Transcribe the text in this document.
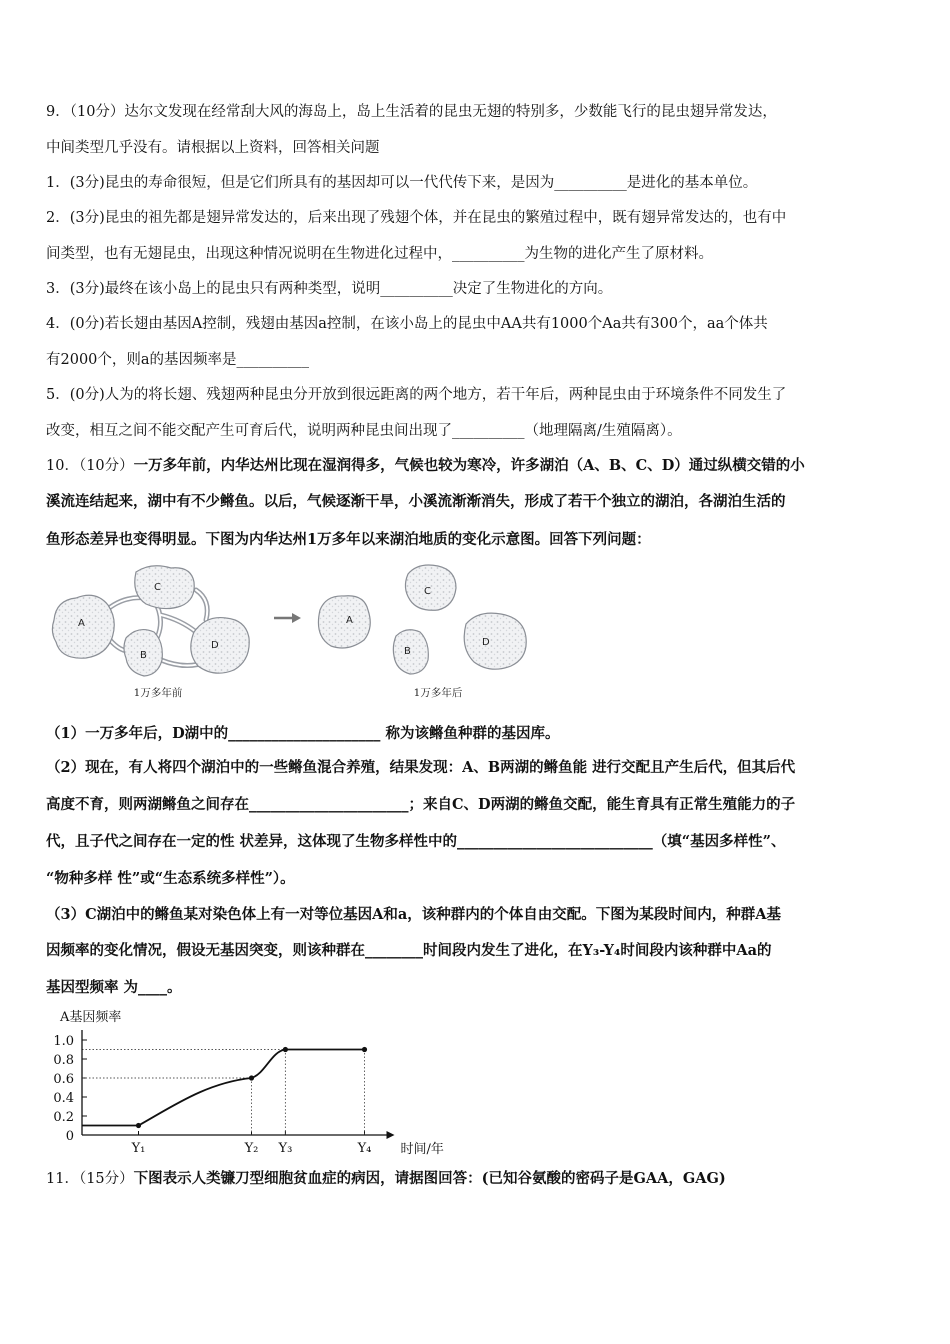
9．（10分）达尔文发现在经常刮大风的海岛上，岛上生活着的昆虫无翅的特别多，少数能飞行的昆虫翅异常发达，
中间类型几乎没有。请根据以上资料，回答相关问题
1．(3分)昆虫的寿命很短，但是它们所具有的基因却可以一代代传下来，是因为__________是进化的基本单位。
2．(3分)昆虫的祖先都是翅异常发达的，后来出现了残翅个体，并在昆虫的繁殖过程中，既有翅异常发达的，也有中
间类型，也有无翅昆虫，出现这种情况说明在生物进化过程中，__________为生物的进化产生了原材料。
3．(3分)最终在该小岛上的昆虫只有两种类型，说明__________决定了生物进化的方向。
4．(0分)若长翅由基因A控制，残翅由基因a控制，在该小岛上的昆虫中AA共有1000个Aa共有300个，aa个体共
有2000个，则a的基因频率是__________
5．(0分)人为的将长翅、残翅两种昆虫分开放到很远距离的两个地方，若干年后，两种昆虫由于环境条件不同发生了
改变，相互之间不能交配产生可育后代，说明两种昆虫间出现了__________（地理隔离/生殖隔离）。
10．（10分）一万多年前，内华达州比现在湿润得多，气候也较为寒冷，许多湖泊（A、B、C、D）通过纵横交错的小
溪流连结起来，湖中有不少鳉鱼。以后，气候逐渐干旱，小溪流渐渐消失，形成了若干个独立的湖泊，各湖泊生活的
鱼形态差异也变得明显。下图为内华达州1万多年以来湖泊地质的变化示意图。回答下列问题：
A
C
B
D
1万多年前
A
C
B
D
1万多年后
（1）一万多年后，D湖中的_____________________ 称为该鳉鱼种群的基因库。
（2）现在，有人将四个湖泊中的一些鳉鱼混合养殖，结果发现：A、B两湖的鳉鱼能 进行交配且产生后代，但其后代
高度不育，则两湖鳉鱼之间存在______________________；来自C、D两湖的鳉鱼交配，能生育具有正常生殖能力的子
代，且子代之间存在一定的性 状差异，这体现了生物多样性中的___________________________（填“基因多样性”、
“物种多样 性”或“生态系统多样性”）。
（3）C湖泊中的鳉鱼某对染色体上有一对等位基因A和a，该种群内的个体自由交配。下图为某段时间内，种群A基
因频率的变化情况，假设无基因突变，则该种群在________时间段内发生了进化，在Y₃-Y₄时间段内该种群中Aa的
基因型频率 为____。
A基因频率
1.0
0.8
0.6
0.4
0.2
0
Y₁	Y₂ Y₃	Y₄ 时间/年
11．（15分）下图表示人类镰刀型细胞贫血症的病因，请据图回答：(已知谷氨酸的密码子是GAA，GAG)
